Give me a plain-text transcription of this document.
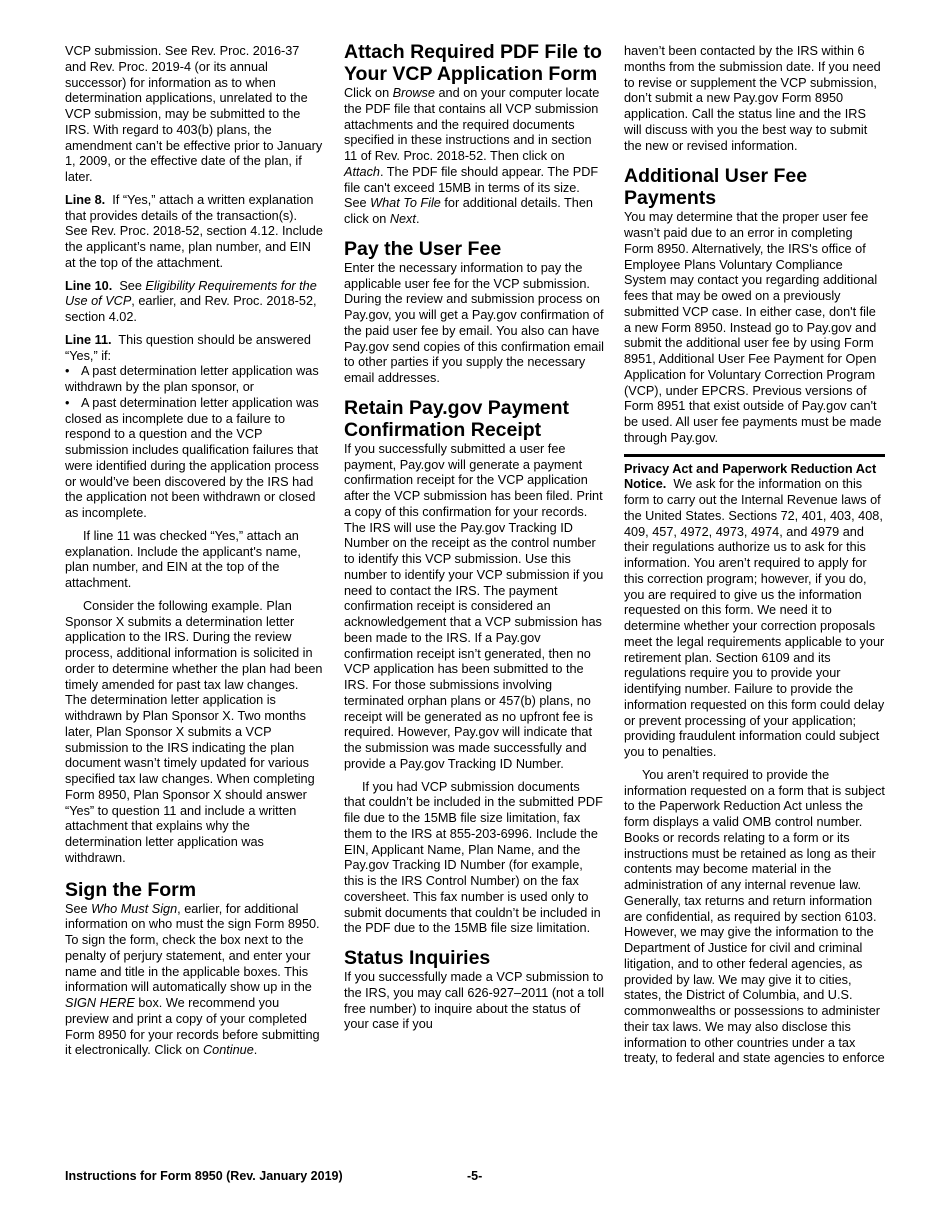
VCP submission. See Rev. Proc. 2016-37 and Rev. Proc. 2019-4 (or its annual successor) for information as to when determination applications, unrelated to the VCP submission, may be submitted to the IRS. With regard to 403(b) plans, the amendment can’t be effective prior to January 1, 2009, or the effective date of the plan, if later.

Line 8. If “Yes,” attach a written explanation that provides details of the transaction(s). See Rev. Proc. 2018-52, section 4.12. Include the applicant’s name, plan number, and EIN at the top of the attachment.

Line 10. See Eligibility Requirements for the Use of VCP, earlier, and Rev. Proc. 2018-52, section 4.02.

Line 11. This question should be answered “Yes,” if:

• A past determination letter application was withdrawn by the plan sponsor, or
• A past determination letter application was closed as incomplete due to a failure to respond to a question and the VCP submission includes qualification failures that were identified during the application process or would’ve been discovered by the IRS had the application not been withdrawn or closed as incomplete.

If line 11 was checked “Yes,” attach an explanation. Include the applicant's name, plan number, and EIN at the top of the attachment.

Consider the following example. Plan Sponsor X submits a determination letter application to the IRS. During the review process, additional information is solicited in order to determine whether the plan had been timely amended for past tax law changes. The determination letter application is withdrawn by Plan Sponsor X. Two months later, Plan Sponsor X submits a VCP submission to the IRS indicating the plan document wasn’t timely updated for various specified tax law changes. When completing Form 8950, Plan Sponsor X should answer “Yes” to question 11 and include a written attachment that explains why the determination letter application was withdrawn.

Sign the Form

See Who Must Sign, earlier, for additional information on who must the sign Form 8950. To sign the form, check the box next to the penalty of perjury statement, and enter your name and title in the applicable boxes. This information will automatically show up in the SIGN HERE box. We recommend you preview and print a copy of your completed Form 8950 for your records before submitting it electronically. Click on Continue.

Attach Required PDF File to Your VCP Application Form

Click on Browse and on your computer locate the PDF file that contains all VCP submission attachments and the required documents specified in these instructions and in section 11 of Rev. Proc. 2018-52. Then click on Attach. The PDF file should appear. The PDF file can't exceed 15MB in terms of its size. See What To File for additional details. Then click on Next.

Pay the User Fee

Enter the necessary information to pay the applicable user fee for the VCP submission. During the review and submission process on Pay.gov, you will get a Pay.gov confirmation of the paid user fee by email. You also can have Pay.gov send copies of this confirmation email to other parties if you supply the necessary email addresses.

Retain Pay.gov Payment Confirmation Receipt

If you successfully submitted a user fee payment, Pay.gov will generate a payment confirmation receipt for the VCP application after the VCP submission has been filed. Print a copy of this confirmation for your records. The IRS will use the Pay.gov Tracking ID Number on the receipt as the control number to identify this VCP submission. Use this number to identify your VCP submission if you need to contact the IRS. The payment confirmation receipt is considered an acknowledgement that a VCP submission has been made to the IRS. If a Pay.gov confirmation receipt isn’t generated, then no VCP application has been submitted to the IRS. For those submissions involving terminated orphan plans or 457(b) plans, no receipt will be generated as no upfront fee is required. However, Pay.gov will indicate that the submission was made successfully and provide a Pay.gov Tracking ID Number.

If you had VCP submission documents that couldn’t be included in the submitted PDF file due to the 15MB file size limitation, fax them to the IRS at 855-203-6996. Include the EIN, Applicant Name, Plan Name, and the Pay.gov Tracking ID Number (for example, this is the IRS Control Number) on the fax coversheet. This fax number is used only to submit documents that couldn’t be included in the PDF due to the 15MB file size limitation.

Status Inquiries

If you successfully made a VCP submission to the IRS, you may call 626-927–2011 (not a toll free number) to inquire about the status of your case if you

haven’t been contacted by the IRS within 6 months from the submission date. If you need to revise or supplement the VCP submission, don’t submit a new Pay.gov Form 8950 application. Call the status line and the IRS will discuss with you the best way to submit the new or revised information.

Additional User Fee Payments

You may determine that the proper user fee wasn’t paid due to an error in completing Form 8950. Alternatively, the IRS's office of Employee Plans Voluntary Compliance System may contact you regarding additional fees that may be owed on a previously submitted VCP case. In either case, don't file a new Form 8950. Instead go to Pay.gov and submit the additional user fee by using Form 8951, Additional User Fee Payment for Open Application for Voluntary Correction Program (VCP), under EPCRS. Previous versions of Form 8951 that exist outside of Pay.gov can't be used. All user fee payments must be made through Pay.gov.

Privacy Act and Paperwork Reduction Act Notice. We ask for the information on this form to carry out the Internal Revenue laws of the United States. Sections 72, 401, 403, 408, 409, 457, 4972, 4973, 4974, and 4979 and their regulations authorize us to ask for this information. You aren’t required to apply for this correction program; however, if you do, you are required to give us the information requested on this form. We need it to determine whether your correction proposals meet the legal requirements applicable to your retirement plan. Section 6109 and its regulations require you to provide your identifying number. Failure to provide the information requested on this form could delay or prevent processing of your application; providing fraudulent information could subject you to penalties.

You aren’t required to provide the information requested on a form that is subject to the Paperwork Reduction Act unless the form displays a valid OMB control number. Books or records relating to a form or its instructions must be retained as long as their contents may become material in the administration of any internal revenue law. Generally, tax returns and return information are confidential, as required by section 6103. However, we may give the information to the Department of Justice for civil and criminal litigation, and to other federal agencies, as provided by law. We may give it to cities, states, the District of Columbia, and U.S. commonwealths or possessions to administer their tax laws. We may also disclose this information to other countries under a tax treaty, to federal and state agencies to enforce

Instructions for Form 8950 (Rev. January 2019)	-5-
